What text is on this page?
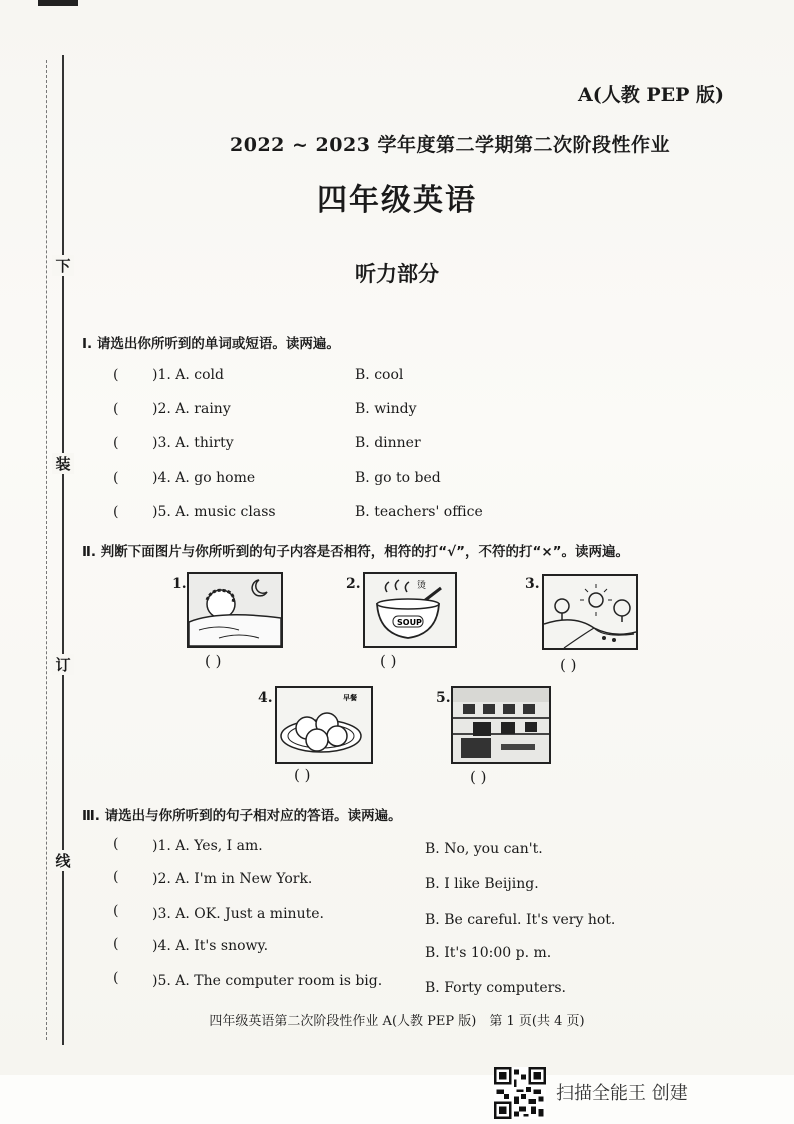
下
装
订
线
A(人教 PEP 版)
2022 ~ 2023 学年度第二学期第二次阶段性作业
四年级英语
听力部分
Ⅰ. 请选出你所听到的单词或短语。读两遍。
( )1. A. cold	B. cool
( )2. A. rainy	B. windy
( )3. A. thirty	B. dinner
( )4. A. go home	B. go to bed
( )5. A. music class	B. teachers' office
Ⅱ. 判断下面图片与你所听到的句子内容是否相符，相符的打“√”，不符的打“×”。读两遍。
1.
( )
2.	烫
SOUP
( )
3.
( )
4.	早餐
( )
5.
( )
Ⅲ. 请选出与你所听到的句子相对应的答语。读两遍。
( )1. A. Yes, I am.	B. No, you can't.
( )2. A. I'm in New York.	B. I like Beijing.
( )3. A. OK. Just a minute.	B. Be careful. It's very hot.
( )4. A. It's snowy.	B. It's 10:00 p. m.
( )5. A. The computer room is big.	B. Forty computers.
四年级英语第二次阶段性作业 A(人教 PEP 版)　第 1 页(共 4 页)
扫描全能王 创建
